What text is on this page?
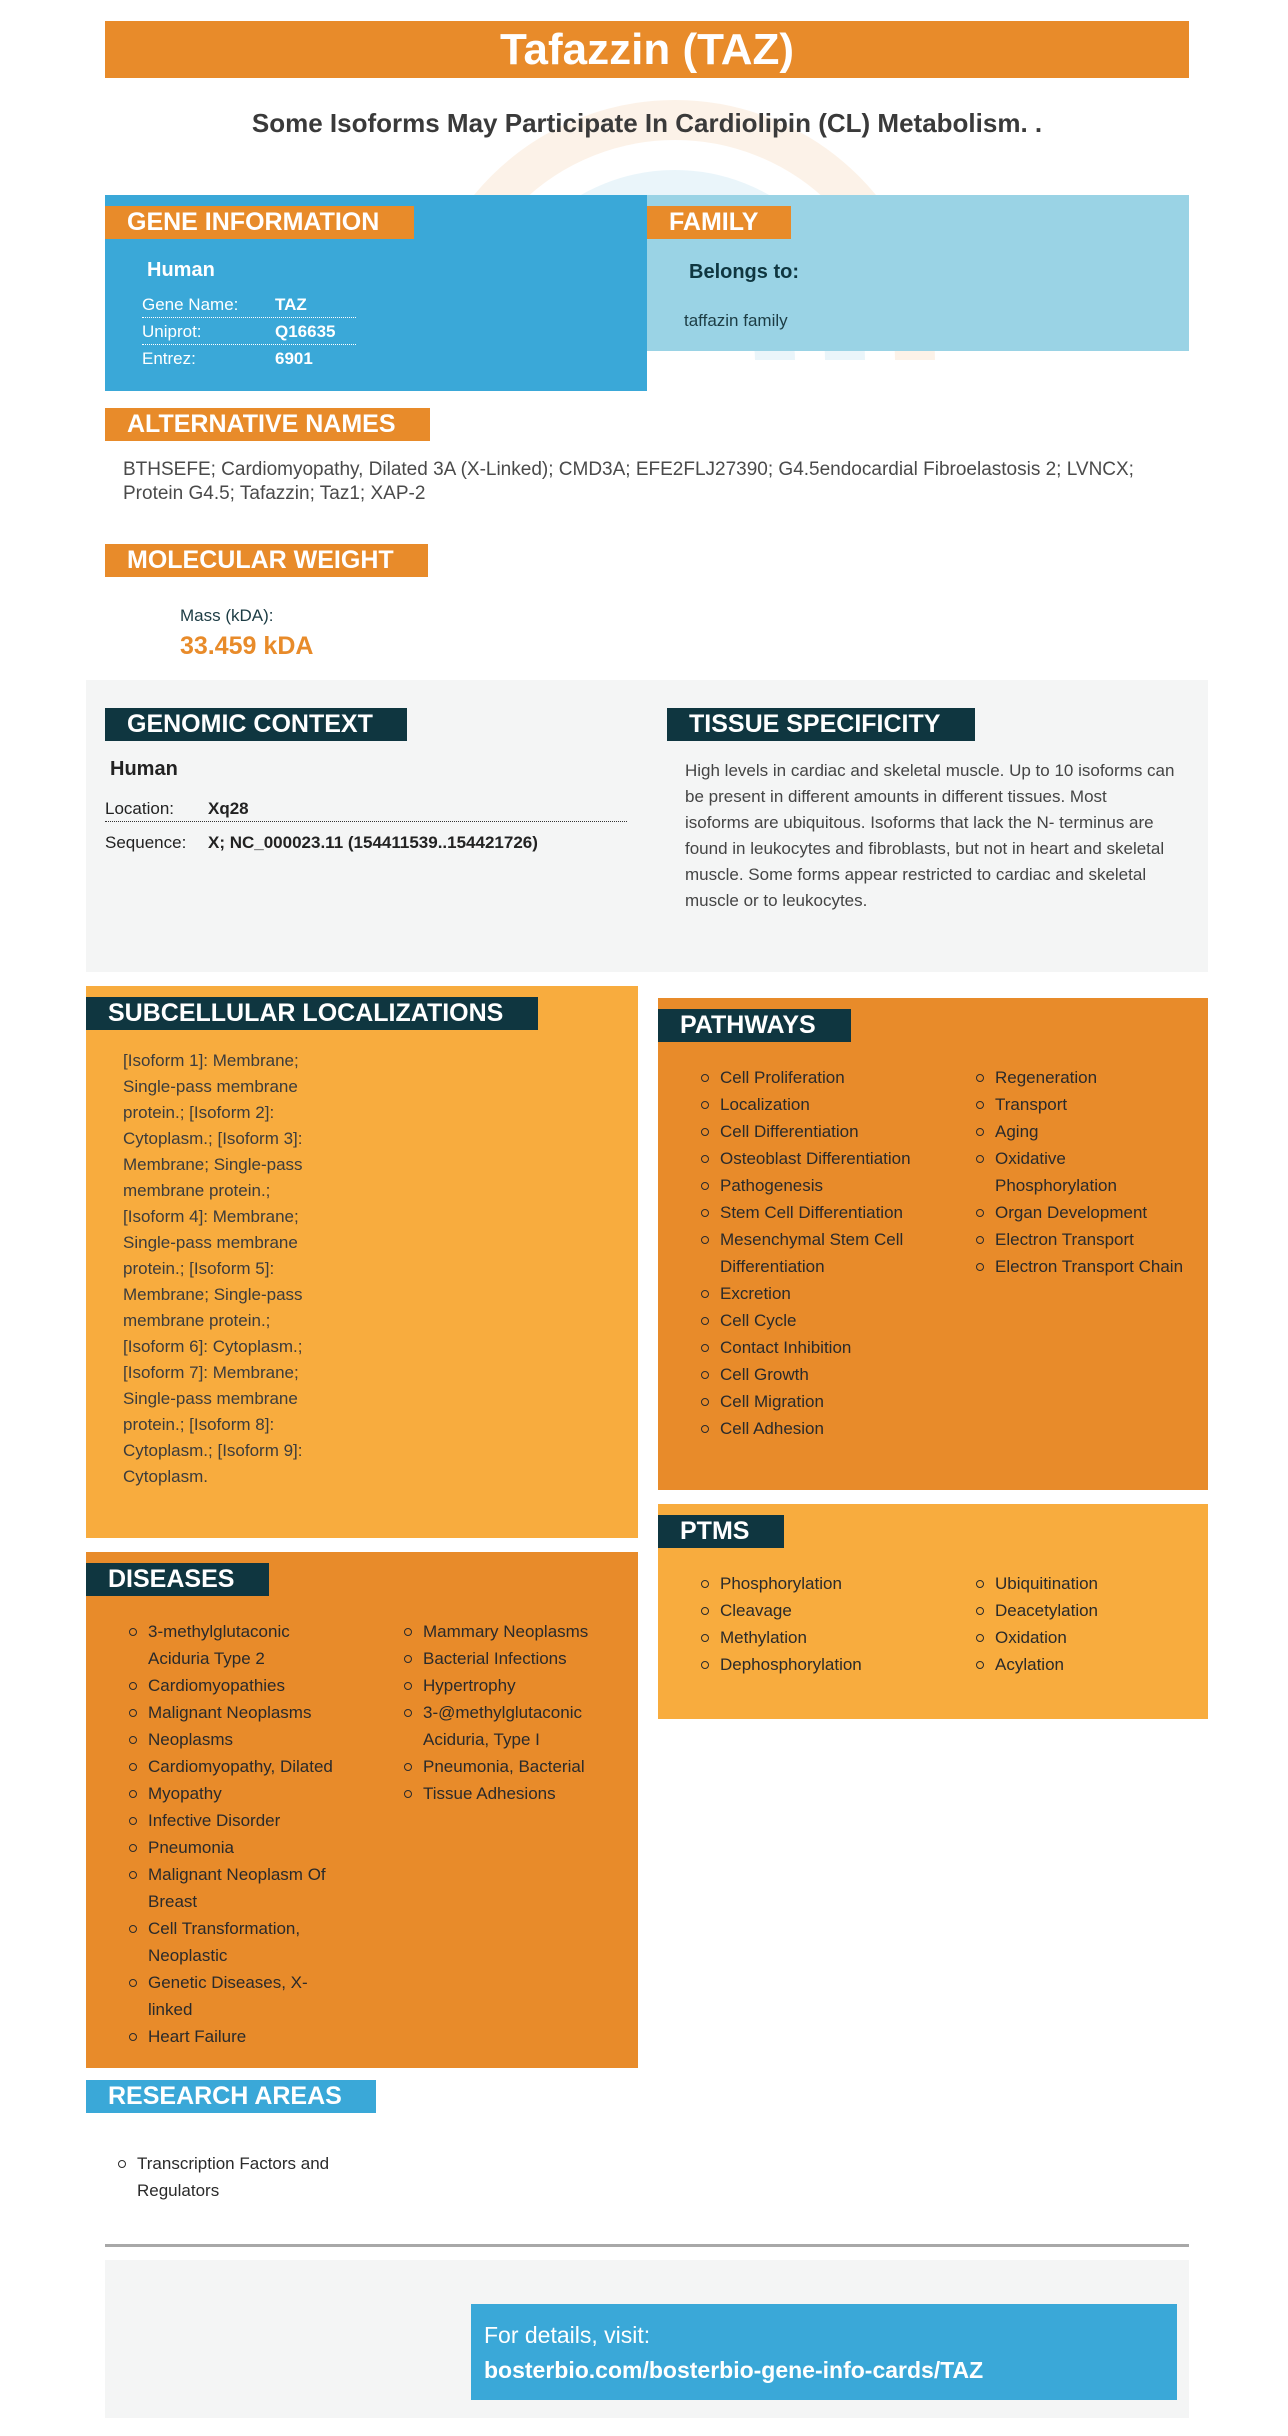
Tafazzin (TAZ)
Some Isoforms May Participate In Cardiolipin (CL) Metabolism. .
GENE INFORMATION
Human
Gene Name: TAZ
Uniprot:	Q16635
Entrez:	6901
FAMILY
Belongs to:
taffazin family
ALTERNATIVE NAMES
BTHSEFE; Cardiomyopathy, Dilated 3A (X-Linked); CMD3A; EFE2FLJ27390; G4.5endocardial Fibroelastosis 2; LVNCX; Protein G4.5; Tafazzin; Taz1; XAP-2
MOLECULAR WEIGHT
Mass (kDA):
33.459 kDA
GENOMIC CONTEXT
Human
Location: Xq28
Sequence: X; NC_000023.11 (154411539..154421726)
TISSUE SPECIFICITY
High levels in cardiac and skeletal muscle. Up to 10 isoforms can be present in different amounts in different tissues. Most isoforms are ubiquitous. Isoforms that lack the N- terminus are found in leukocytes and fibroblasts, but not in heart and skeletal muscle. Some forms appear restricted to cardiac and skeletal muscle or to leukocytes.
SUBCELLULAR LOCALIZATIONS
[Isoform 1]: Membrane; Single-pass membrane protein.; [Isoform 2]: Cytoplasm.; [Isoform 3]: Membrane; Single-pass membrane protein.; [Isoform 4]: Membrane; Single-pass membrane protein.; [Isoform 5]: Membrane; Single-pass membrane protein.; [Isoform 6]: Cytoplasm.; [Isoform 7]: Membrane; Single-pass membrane protein.; [Isoform 8]: Cytoplasm.; [Isoform 9]: Cytoplasm.
PATHWAYS
Cell Proliferation
Localization
Cell Differentiation
Osteoblast Differentiation
Pathogenesis
Stem Cell Differentiation
Mesenchymal Stem Cell Differentiation
Excretion
Cell Cycle
Contact Inhibition
Cell Growth
Cell Migration
Cell Adhesion
Regeneration
Transport
Aging
Oxidative Phosphorylation
Organ Development
Electron Transport
Electron Transport Chain
PTMS
Phosphorylation
Cleavage
Methylation
Dephosphorylation
Ubiquitination
Deacetylation
Oxidation
Acylation
DISEASES
3-methylglutaconic Aciduria Type 2
Cardiomyopathies
Malignant Neoplasms
Neoplasms
Cardiomyopathy, Dilated
Myopathy
Infective Disorder
Pneumonia
Malignant Neoplasm Of Breast
Cell Transformation, Neoplastic
Genetic Diseases, X-linked
Heart Failure
Mammary Neoplasms
Bacterial Infections
Hypertrophy
3-@methylglutaconic Aciduria, Type I
Pneumonia, Bacterial
Tissue Adhesions
RESEARCH AREAS
Transcription Factors and Regulators
For details, visit:
bosterbio.com/bosterbio-gene-info-cards/TAZ
